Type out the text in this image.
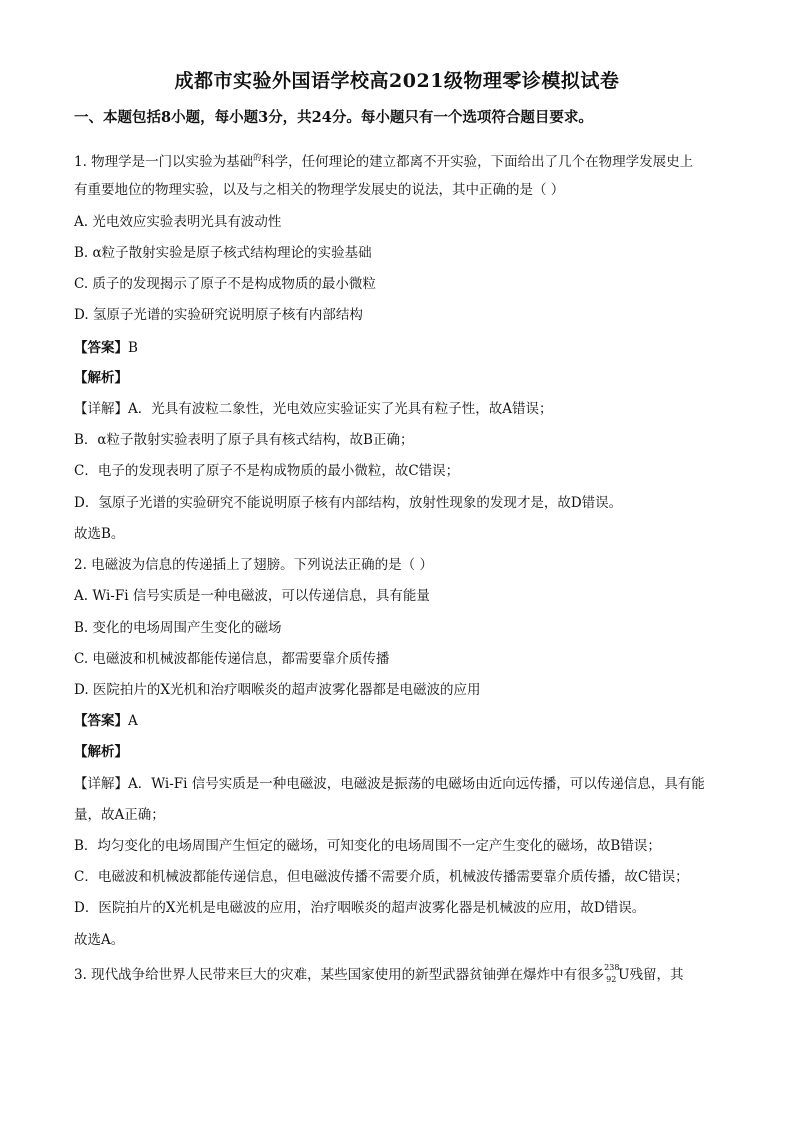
成都市实验外国语学校高2021级物理零诊模拟试卷
一、本题包括8小题，每小题3分，共24分。每小题只有一个选项符合题目要求。
1. 物理学是一门以实验为基础$^的$科学，任何理论的建立都离不开实验，下面给出了几个在物理学发展史上
有重要地位的物理实验，以及与之相关的物理学发展史的说法，其中正确的是（ ）
A. 光电效应实验表明光具有波动性
B. α粒子散射实验是原子核式结构理论的实验基础
C. 质子的发现揭示了原子不是构成物质的最小微粒
D. 氢原子光谱的实验研究说明原子核有内部结构
【答案】B
【解析】
【详解】A．光具有波粒二象性，光电效应实验证实了光具有粒子性，故A错误；
B．α粒子散射实验表明了原子具有核式结构，故B正确；
C．电子的发现表明了原子不是构成物质的最小微粒，故C错误；
D．氢原子光谱的实验研究不能说明原子核有内部结构，放射性现象的发现才是，故D错误。
故选B。
2. 电磁波为信息的传递插上了翅膀。下列说法正确的是（ ）
A. Wi-Fi 信号实质是一种电磁波，可以传递信息，具有能量
B. 变化的电场周围产生变化的磁场
C. 电磁波和机械波都能传递信息，都需要靠介质传播
D. 医院拍片的X光机和治疗咽喉炎的超声波雾化器都是电磁波的应用
【答案】A
【解析】
【详解】A．Wi-Fi 信号实质是一种电磁波，电磁波是振荡的电磁场由近向远传播，可以传递信息，具有能
量，故A正确；
B．均匀变化的电场周围产生恒定的磁场，可知变化的电场周围不一定产生变化的磁场，故B错误；
C．电磁波和机械波都能传递信息，但电磁波传播不需要介质，机械波传播需要靠介质传播，故C错误；
D．医院拍片的X光机是电磁波的应用，治疗咽喉炎的超声波雾化器是机械波的应用，故D错误。
故选A。
3. 现代战争给世界人民带来巨大的灾难，某些国家使用的新型武器贫铀弹在爆炸中有很多 238
92 U残留，其
